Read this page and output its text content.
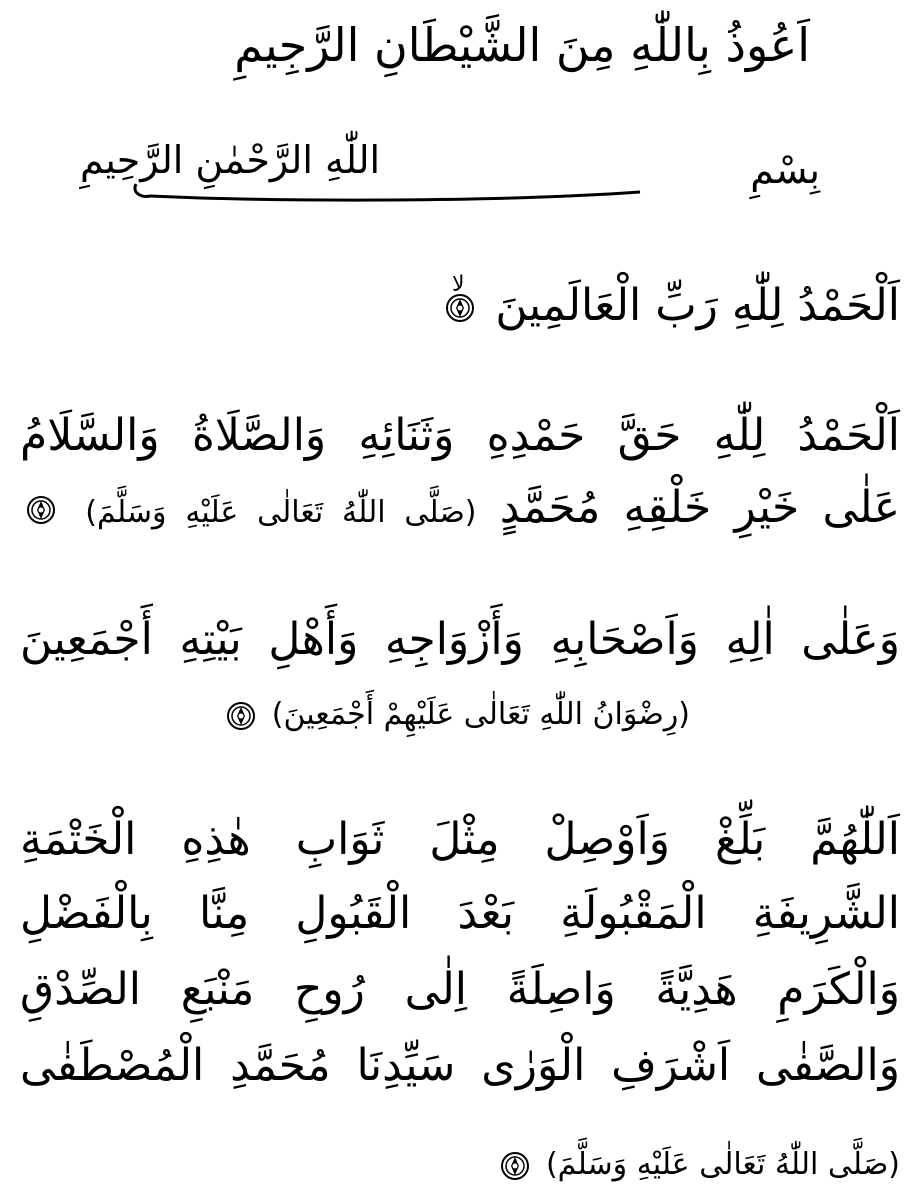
اَعُوذُ بِاللّٰهِ مِنَ الشَّيْطَانِ الرَّجِيمِ
بِسْمِ
اللّٰهِ الرَّحْمٰنِ الرَّحِيمِ
لا اَلْحَمْدُ لِلّٰهِ رَبِّ الْعَالَمِينَ
اَلْحَمْدُ لِلّٰهِ حَقَّ حَمْدِهِ وَثَنَائِهِ وَالصَّلَاةُ وَالسَّلَامُ
عَلٰى خَيْرِ خَلْقِهِ مُحَمَّدٍ (صَلَّى اللّٰهُ تَعَالٰى عَلَيْهِ وَسَلَّمَ)
وَعَلٰى اٰلِهِ وَاَصْحَابِهِ وَأَزْوَاجِهِ وَأَهْلِ بَيْتِهِ أَجْمَعِينَ
(رِضْوَانُ اللّٰهِ تَعَالٰى عَلَيْهِمْ أَجْمَعِينَ)
اَللّٰهُمَّ بَلِّغْ وَاَوْصِلْ مِثْلَ ثَوَابِ هٰذِهِ الْخَتْمَةِ
الشَّرِيفَةِ الْمَقْبُولَةِ بَعْدَ الْقَبُولِ مِنَّا بِالْفَضْلِ
وَالْكَرَمِ هَدِيَّةً وَاصِلَةً اِلٰى رُوحِ مَنْبَعِ الصِّدْقِ
وَالصَّفٰى اَشْرَفِ الْوَرٰى سَيِّدِنَا مُحَمَّدِ الْمُصْطَفٰى
(صَلَّى اللّٰهُ تَعَالٰى عَلَيْهِ وَسَلَّمَ)
